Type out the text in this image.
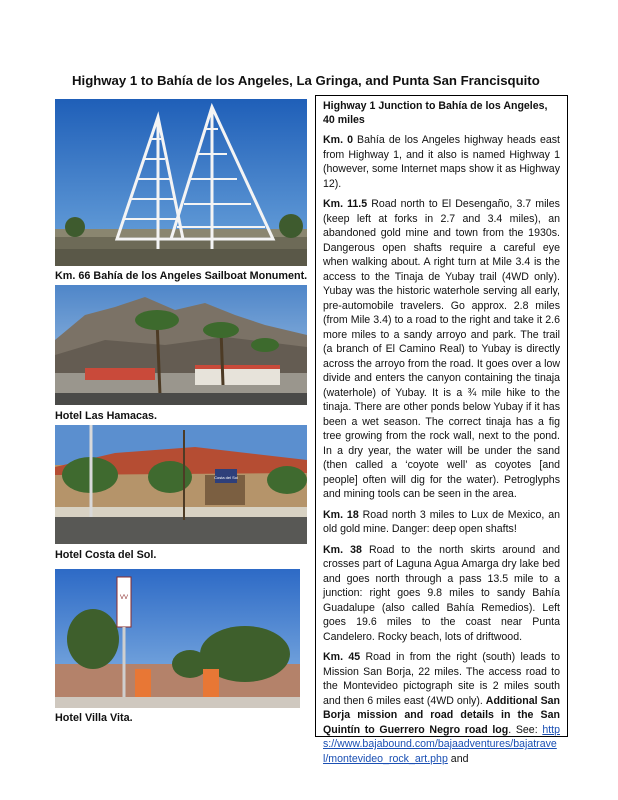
Highway 1 to Bahía de los Angeles, La Gringa, and Punta San Francisquito
Km. 66 Bahía de los Angeles Sailboat Monument.
Hotel Las Hamacas.
Costa del Sol
Hotel Costa del Sol.
VV
Hotel Villa Vita.
Highway 1 Junction to Bahía de los Angeles, 40 miles

Km. 0 Bahía de los Angeles highway heads east from Highway 1, and it also is named Highway 1 (however, some Internet maps show it as Highway 12).

Km. 11.5 Road north to El Desengaño, 3.7 miles (keep left at forks in 2.7 and 3.4 miles), an abandoned gold mine and town from the 1930s. Dangerous open shafts require a careful eye when walking about. A right turn at Mile 3.4 is the access to the Tinaja de Yubay trail (4WD only). Yubay was the historic waterhole serving all early, pre-automobile travelers. Go approx. 2.8 miles (from Mile 3.4) to a road to the right and take it 2.6 more miles to a sandy arroyo and park. The trail (a branch of El Camino Real) to Yubay is directly across the arroyo from the road. It goes over a low divide and enters the canyon containing the tinaja (waterhole) of Yubay. It is a ¾ mile hike to the tinaja. There are other ponds below Yubay if it has been a wet season. The correct tinaja has a fig tree growing from the rock wall, next to the pond. In a dry year, the water will be under the sand (then called a ‘coyote well’ as coyotes [and people] often will dig for the water). Petroglyphs and mining tools can be seen in the area.

Km. 18 Road north 3 miles to Lux de Mexico, an old gold mine. Danger: deep open shafts!

Km. 38 Road to the north skirts around and crosses part of Laguna Agua Amarga dry lake bed and goes north through a pass 13.5 mile to a junction: right goes 9.8 miles to sandy Bahía Guadalupe (also called Bahía Remedios). Left goes 19.6 miles to the coast near Punta Candelero. Rocky beach, lots of driftwood.

Km. 45 Road in from the right (south) leads to Mission San Borja, 22 miles. The access road to the Montevideo pictograph site is 2 miles south and then 6 miles east (4WD only). Additional San Borja mission and road details in the San Quintín to Guerrero Negro road log. See: https://www.bajabound.com/bajaadventures/bajatravel/montevideo_rock_art.php and
